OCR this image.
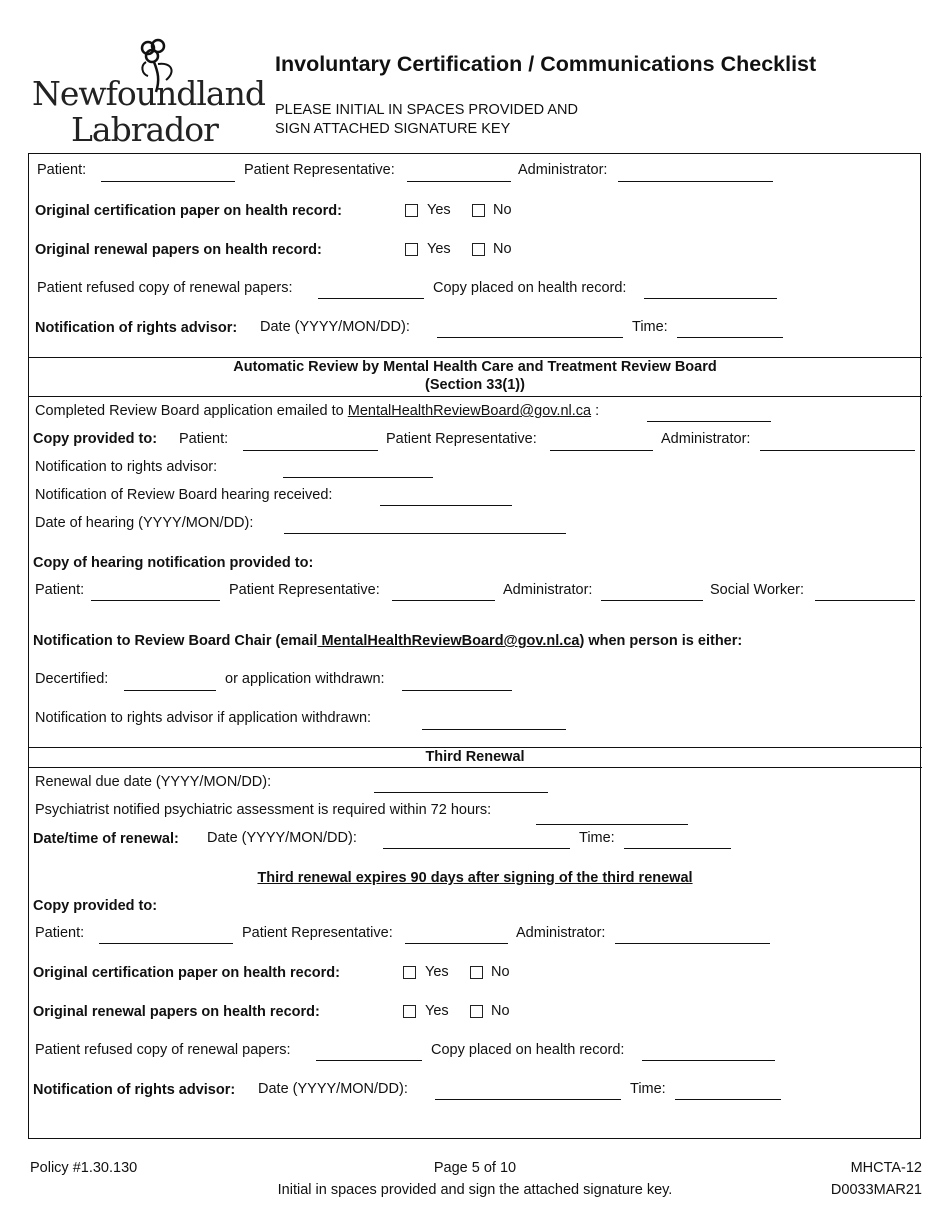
Newfoundland
Labrador
Involuntary Certification / Communications Checklist
PLEASE INITIAL IN SPACES PROVIDED AND
SIGN ATTACHED SIGNATURE KEY
Patient:	Patient Representative:	Administrator:
Original certification paper on health record:	Yes	No
Original renewal papers on health record:	Yes	No
Patient refused copy of renewal papers:	Copy placed on health record:
Notification of rights advisor: Date (YYYY/MON/DD):	Time:
Automatic Review by Mental Health Care and Treatment Review Board
(Section 33(1))
Completed Review Board application emailed to MentalHealthReviewBoard@gov.nl.ca :
Copy provided to: Patient:	Patient Representative:	Administrator:
Notification to rights advisor:
Notification of Review Board hearing received:
Date of hearing (YYYY/MON/DD):
Copy of hearing notification provided to:
Patient:	Patient Representative:	Administrator:	Social Worker:
Notification to Review Board Chair (email MentalHealthReviewBoard@gov.nl.ca) when person is either:
Decertified:	or application withdrawn:
Notification to rights advisor if application withdrawn:
Third Renewal
Renewal due date (YYYY/MON/DD):
Psychiatrist notified psychiatric assessment is required within 72 hours:
Date/time of renewal: Date (YYYY/MON/DD):	Time:
Third renewal expires 90 days after signing of the third renewal
Copy provided to:
Patient:	Patient Representative:	Administrator:
Original certification paper on health record:	Yes	No
Original renewal papers on health record:	Yes	No
Patient refused copy of renewal papers:	Copy placed on health record:
Notification of rights advisor: Date (YYYY/MON/DD):	Time:
Policy #1.30.130	Page 5 of 10
Initial in spaces provided and sign the attached signature key.
MHCTA-12
D0033MAR21
